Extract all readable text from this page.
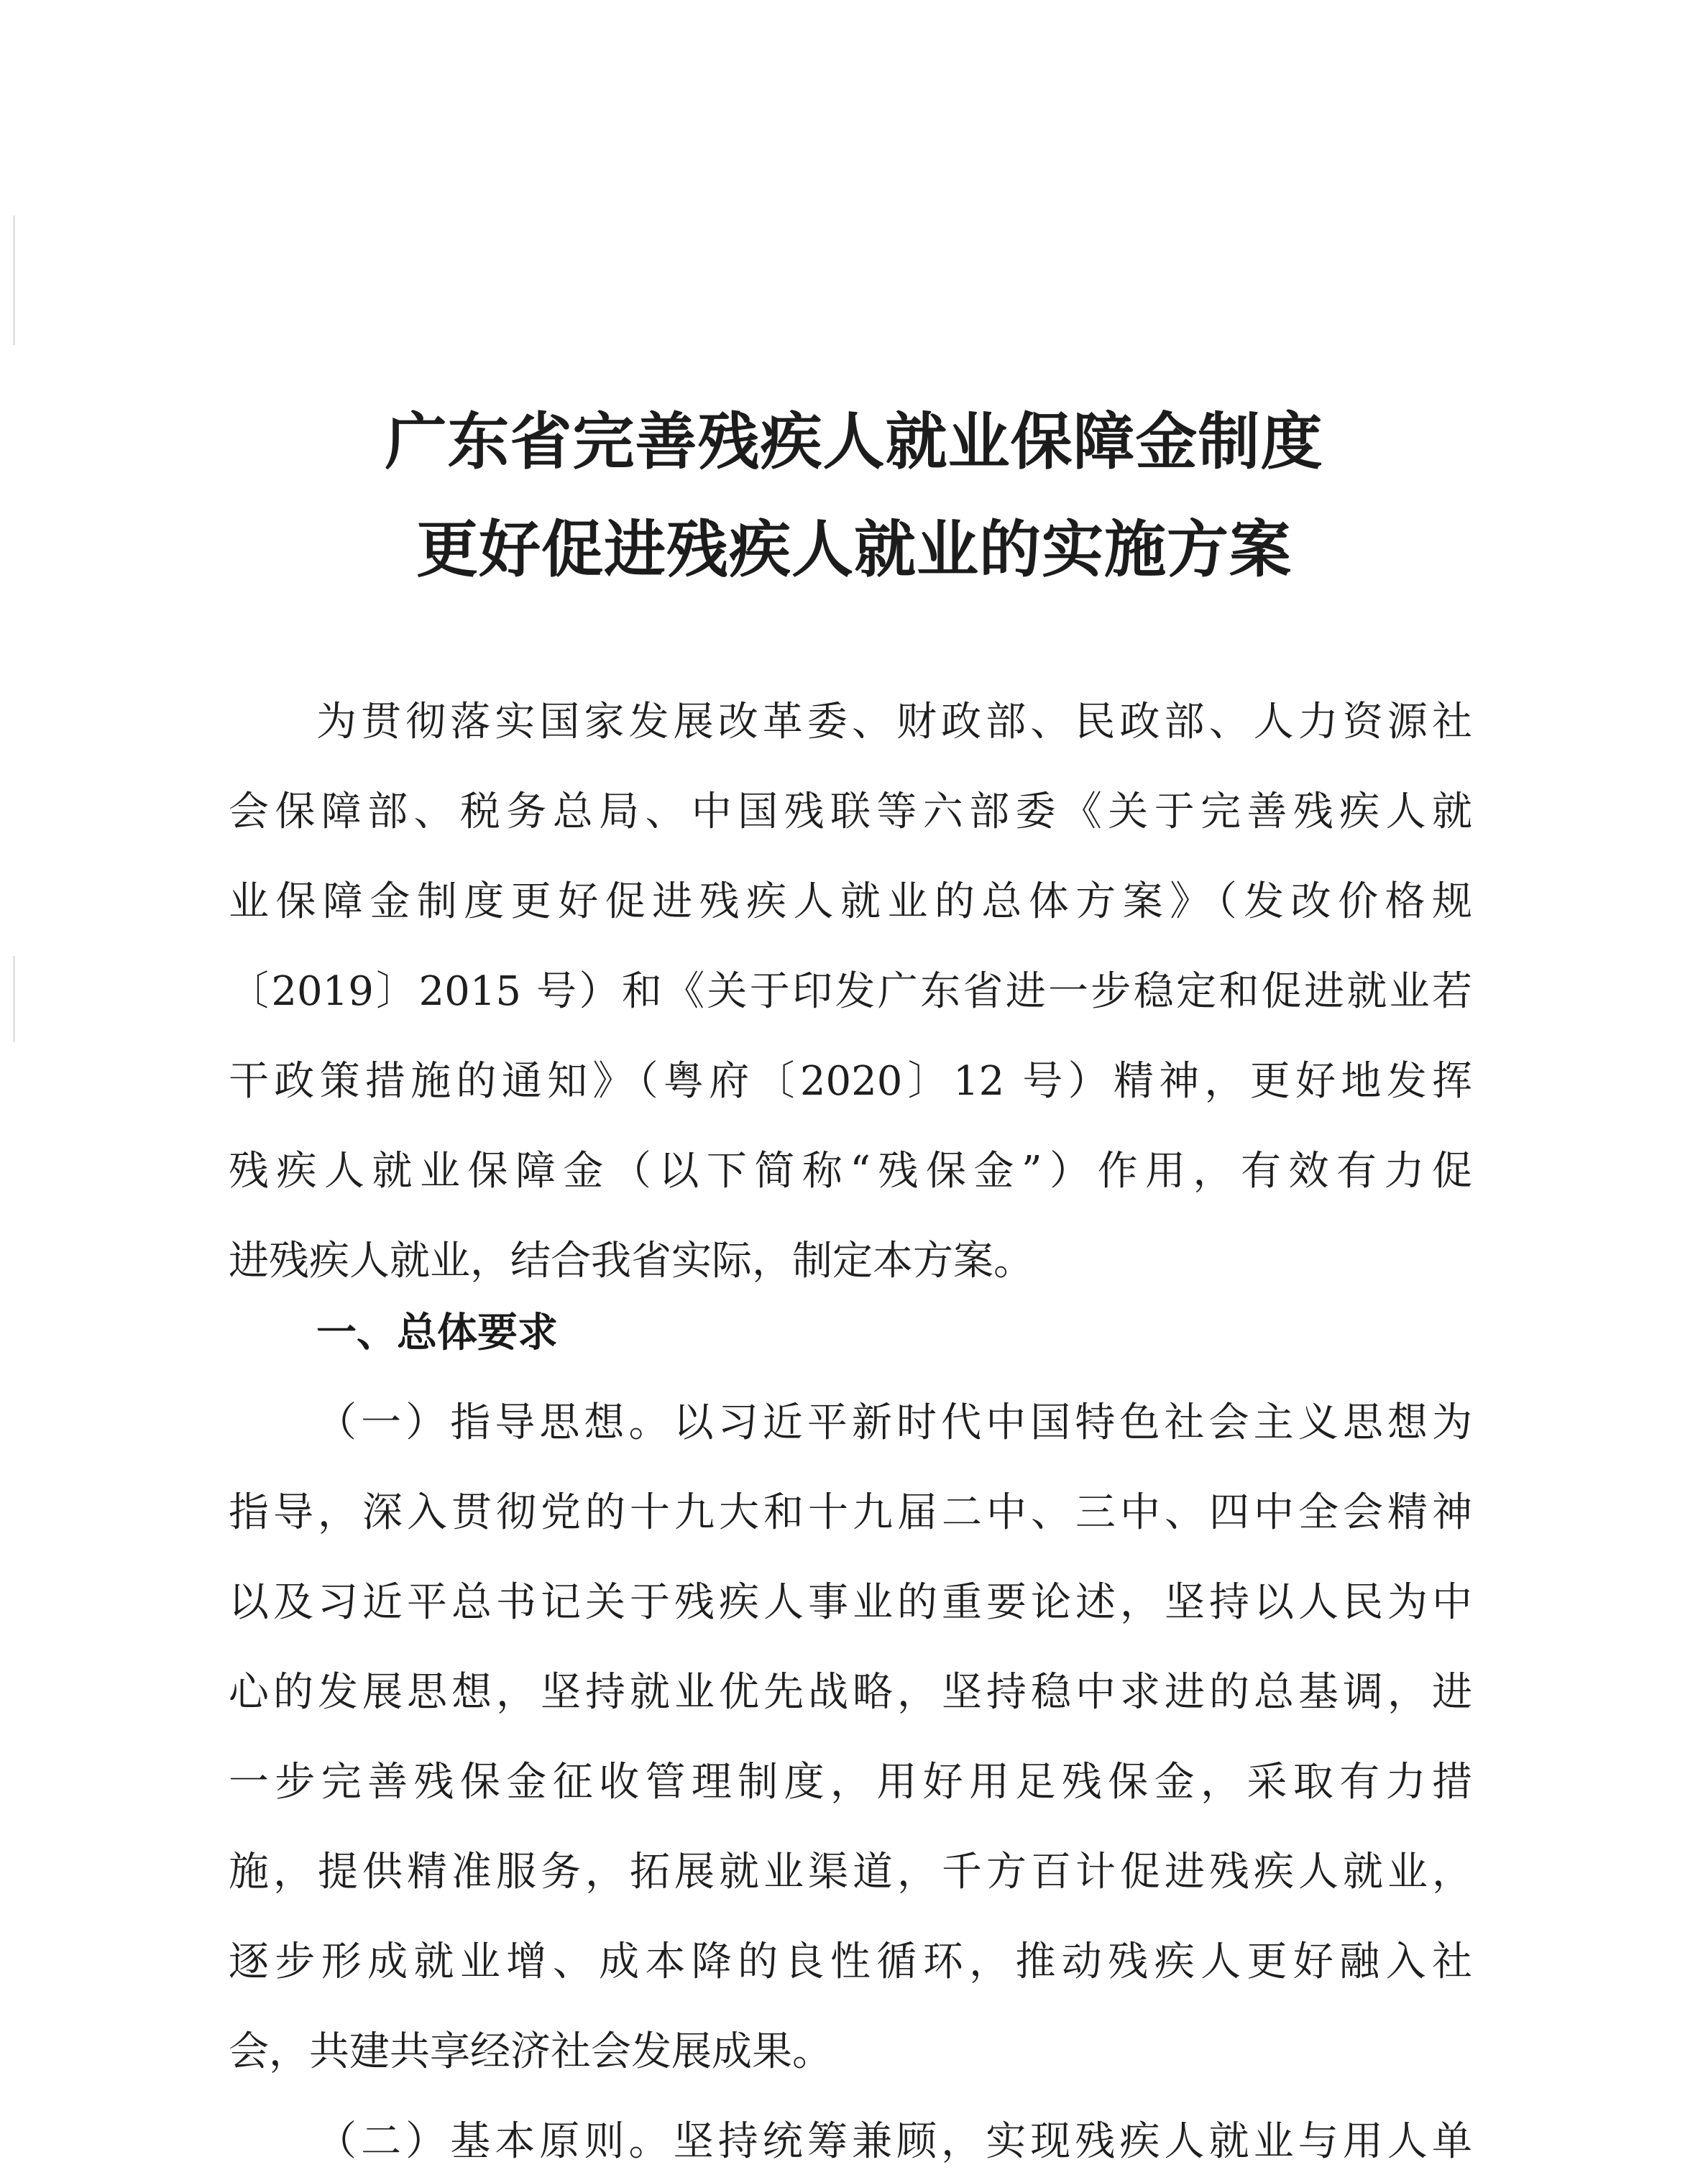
广东省完善残疾人就业保障金制度
更好促进残疾人就业的实施方案
为贯彻落实国家发展改革委、财政部、民政部、人力资源社
会保障部、税务总局、中国残联等六部委《关于完善残疾人就
业保障金制度更好促进残疾人就业的总体方案》（发改价格规
〔2019〕2015 号）和《关于印发广东省进一步稳定和促进就业若
干政策措施的通知》（粤府〔2020〕12 号）精神，更好地发挥
残疾人就业保障金（以下简称“残保金”）作用，有效有力促
进残疾人就业，结合我省实际，制定本方案。
一、总体要求
（一）指导思想。以习近平新时代中国特色社会主义思想为
指导，深入贯彻党的十九大和十九届二中、三中、四中全会精神
以及习近平总书记关于残疾人事业的重要论述，坚持以人民为中
心的发展思想，坚持就业优先战略，坚持稳中求进的总基调，进
一步完善残保金征收管理制度，用好用足残保金，采取有力措
施，提供精准服务，拓展就业渠道，千方百计促进残疾人就业，
逐步形成就业增、成本降的良性循环，推动残疾人更好融入社
会，共建共享经济社会发展成果。
（二）基本原则。坚持统筹兼顾，实现残疾人就业与用人单
